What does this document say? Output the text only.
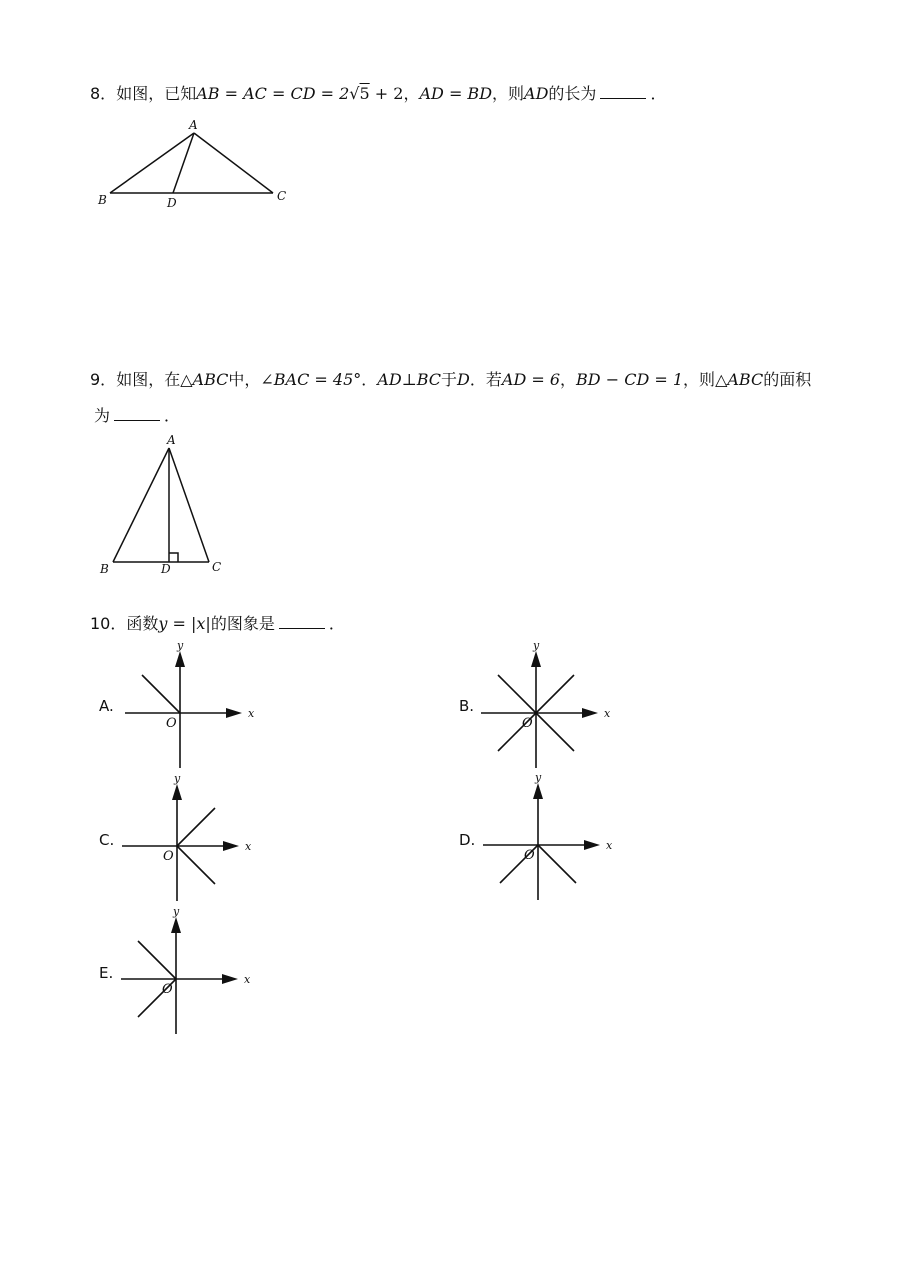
8．如图，已知AB = AC = CD = 2√5 + 2，AD = BD，则AD的长为	．
A
B	C
D
9．如图，在△ABC中，∠BAC = 45°．AD⊥BC于D．若AD = 6，BD − CD = 1，则△ABC的面积
为	．
A
B	C
D
10．函数y = |x|的图象是	．
A.	B.
C.	D.
E.
x
y
O
x
y
O
x
y
O
x
y
O
x
y
O
